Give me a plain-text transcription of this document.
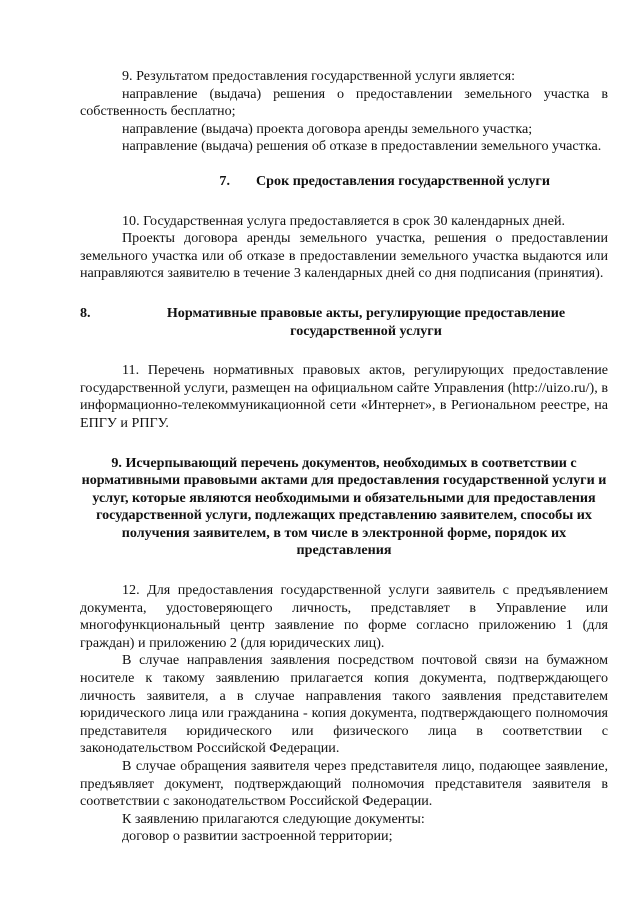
9. Результатом предоставления государственной услуги является:

направление (выдача) решения о предоставлении земельного участка в собственность бесплатно;

направление (выдача) проекта договора аренды земельного участка;

направление (выдача) решения об отказе в предоставлении земельного участка.

7.	Срок предоставления государственной услуги

10. Государственная услуга предоставляется в срок 30 календарных дней.

Проекты договора аренды земельного участка, решения о предоставлении земельного участка или об отказе в предоставлении земельного участка выдаются или направляются заявителю в течение 3 календарных дней со дня подписания (принятия).

8.	Нормативные правовые акты, регулирующие предоставление государственной услуги

11. Перечень нормативных правовых актов, регулирующих предоставление государственной услуги, размещен на официальном сайте Управления (http://uizo.ru/), в информационно-телекоммуникационной сети «Интернет», в Региональном реестре, на ЕПГУ и РПГУ.

9. Исчерпывающий перечень документов, необходимых в соответствии с нормативными правовыми актами для предоставления государственной услуги и услуг, которые являются необходимыми и обязательными для предоставления государственной услуги, подлежащих представлению заявителем, способы их получения заявителем, в том числе в электронной форме, порядок их представления

12. Для предоставления государственной услуги заявитель с предъявлением документа, удостоверяющего личность, представляет в Управление или многофункциональный центр заявление по форме согласно приложению 1 (для граждан) и приложению 2 (для юридических лиц).

В случае направления заявления посредством почтовой связи на бумажном носителе к такому заявлению прилагается копия документа, подтверждающего личность заявителя, а в случае направления такого заявления представителем юридического лица или гражданина - копия документа, подтверждающего полномочия представителя юридического или физического лица в соответствии с законодательством Российской Федерации.

В случае обращения заявителя через представителя лицо, подающее заявление, предъявляет документ, подтверждающий полномочия представителя заявителя в соответствии с законодательством Российской Федерации.

К заявлению прилагаются следующие документы:

договор о развитии застроенной территории;
